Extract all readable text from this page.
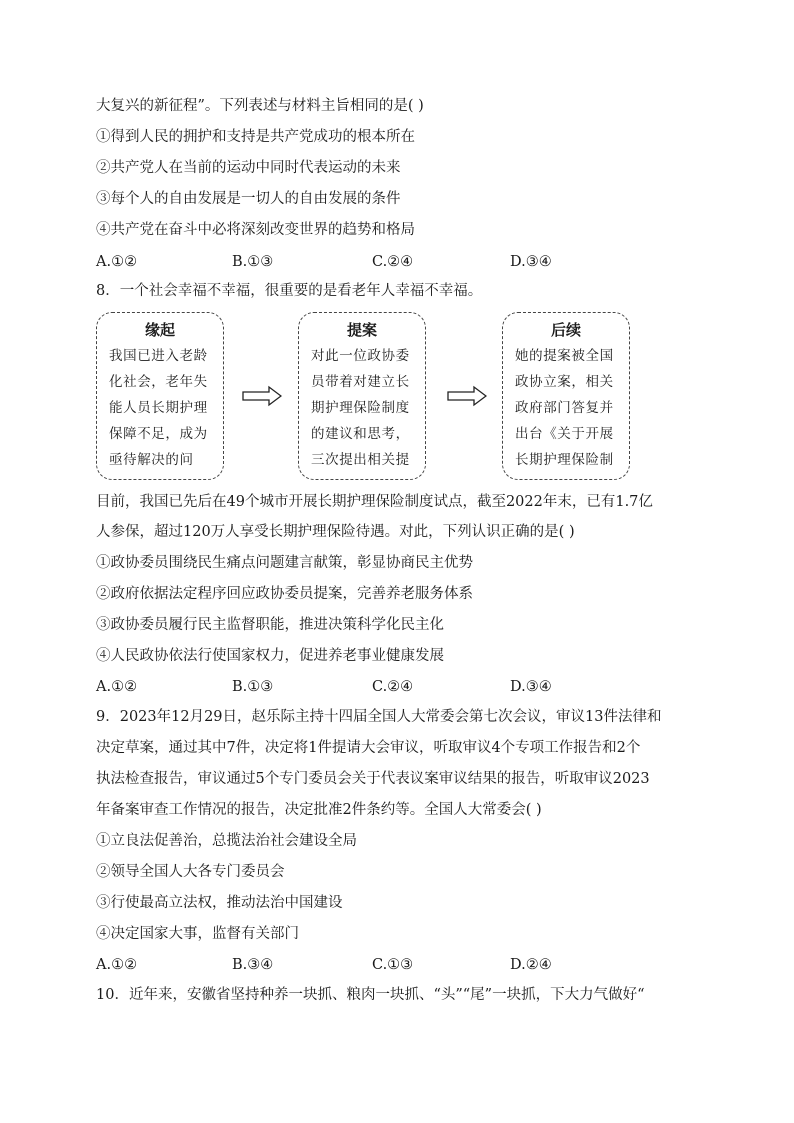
大复兴的新征程”。下列表述与材料主旨相同的是( )
①得到人民的拥护和支持是共产党成功的根本所在
②共产党人在当前的运动中同时代表运动的未来
③每个人的自由发展是一切人的自由发展的条件
④共产党在奋斗中必将深刻改变世界的趋势和格局
A.①②	B.①③	C.②④	D.③④
8．一个社会幸福不幸福，很重要的是看老年人幸福不幸福。
缘起
我国已进入老龄化社会，老年失能人员长期护理保障不足，成为亟待解决的问
提案
对此一位政协委员带着对建立长期护理保险制度的建议和思考，三次提出相关提
后续
她的提案被全国政协立案，相关政府部门答复并出台《关于开展长期护理保险制
目前，我国已先后在49个城市开展长期护理保险制度试点，截至2022年末，已有1.7亿
人参保，超过120万人享受长期护理保险待遇。对此，下列认识正确的是( )
①政协委员围绕民生痛点问题建言献策，彰显协商民主优势
②政府依据法定程序回应政协委员提案，完善养老服务体系
③政协委员履行民主监督职能，推进决策科学化民主化
④人民政协依法行使国家权力，促进养老事业健康发展
A.①②	B.①③	C.②④	D.③④
9．2023年12月29日，赵乐际主持十四届全国人大常委会第七次会议，审议13件法律和
决定草案，通过其中7件，决定将1件提请大会审议，听取审议4个专项工作报告和2个
执法检查报告，审议通过5个专门委员会关于代表议案审议结果的报告，听取审议2023
年备案审查工作情况的报告，决定批准2件条约等。全国人大常委会( )
①立良法促善治，总揽法治社会建设全局
②领导全国人大各专门委员会
③行使最高立法权，推动法治中国建设
④决定国家大事，监督有关部门
A.①②	B.③④	C.①③	D.②④
10．近年来，安徽省坚持种养一块抓、粮肉一块抓、“头”“尾”一块抓，下大力气做好“
